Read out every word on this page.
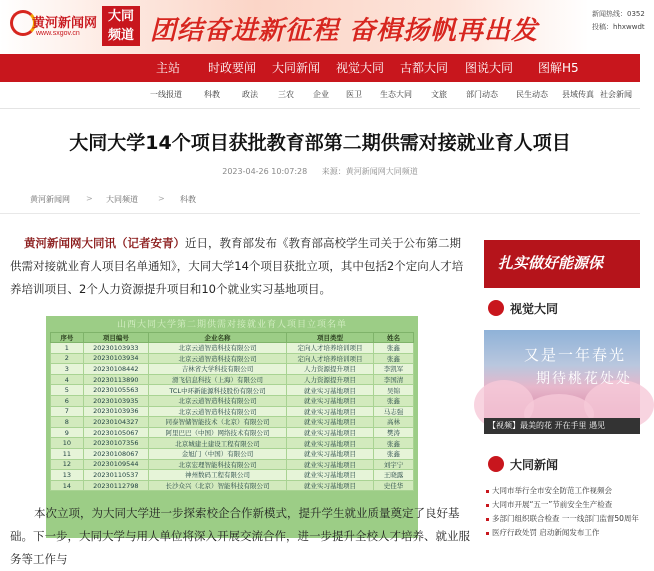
黄河新闻网
www.sxgov.cn
大同频道 团结奋进新征程 奋楫扬帆再出发
新闻热线：0352
投稿：hhxwwdt
主站 时政要闻 大同新闻 视觉大同 古都大同 图说大同 图解H5
一线报道	科教	政法	三农 企业 医卫 生态大同 文旅 部门动态 民生动态 县域传真 社会新闻
大同大学14个项目获批教育部第二期供需对接就业育人项目
2023-04-26 10:07:28 来源：黄河新闻网大同频道
黄河新闻网 > 大同频道	> 科教
黄河新闻网大同讯（记者安青）近日，教育部发布《教育部高校学生司关于公布第二期供需对接就业育人项目名单通知》，大同大学14个项目获批立项，其中包括2个定向人才培养培训项目、2个人力资源提升项目和10个就业实习基地项目。
山西大同大学第二期供需对接就业育人项目立项名单
序号	项目编号	企业名称	项目类型	姓名
1	20230103933	北京云道智造科技有限公司	定向人才培养培训项目	张鑫
2	20230103934	北京云道智造科技有限公司	定向人才培养培训项目	张鑫
3	20230108442	吉林省大学科技有限公司	人力资源提升项目	李凯军
4	20230113890	滑飞信息科技（上海）有限公司	人力资源提升项目	李国清
5	20230105563	TCL中环新能源科技股份有限公司	就业实习基地项目	吴锦
6	20230103935	北京云道智造科技有限公司	就业实习基地项目	张鑫
7	20230103936	北京云道智造科技有限公司	就业实习基地项目	马志强
8	20230104327	同泰智储智能技术（北京）有限公司	就业实习基地项目	高林
9	20230105067	阿里巴巴（中国）网络技术有限公司	就业实习基地项目	樊涛
10	20230107356	北京城建土建设工程有限公司	就业实习基地项目	张鑫
11	20230108067	金旭门（中国）有限公司	就业实习基地项目	张鑫
12	20230109544	北京宏理智能科技有限公司	就业实习基地项目	刘宇宁
13	20230110537	神州数码工程有限公司	就业实习基地项目	王晓露
14	20230112798	长沙众兴（北京）智能科技有限公司	就业实习基地项目	史佳华
本次立项，为大同大学进一步探索校企合作新模式，提升学生就业质量奠定了良好基础。下一步，大同大学与用人单位将深入开展交流合作，进一步提升全校人才培养、就业服务等工作与
扎实做好能源保
视觉大同
又是一年春光
期待桃花处处
【视频】最美的花 开在手里 遇见
大同新闻
大同市举行全市安全防范工作视频会
大同市开展“五一”节前安全生产检查
多部门组织联合检查 一一线部门监督50周年
医疗行政处罚 启动新闻发布工作
